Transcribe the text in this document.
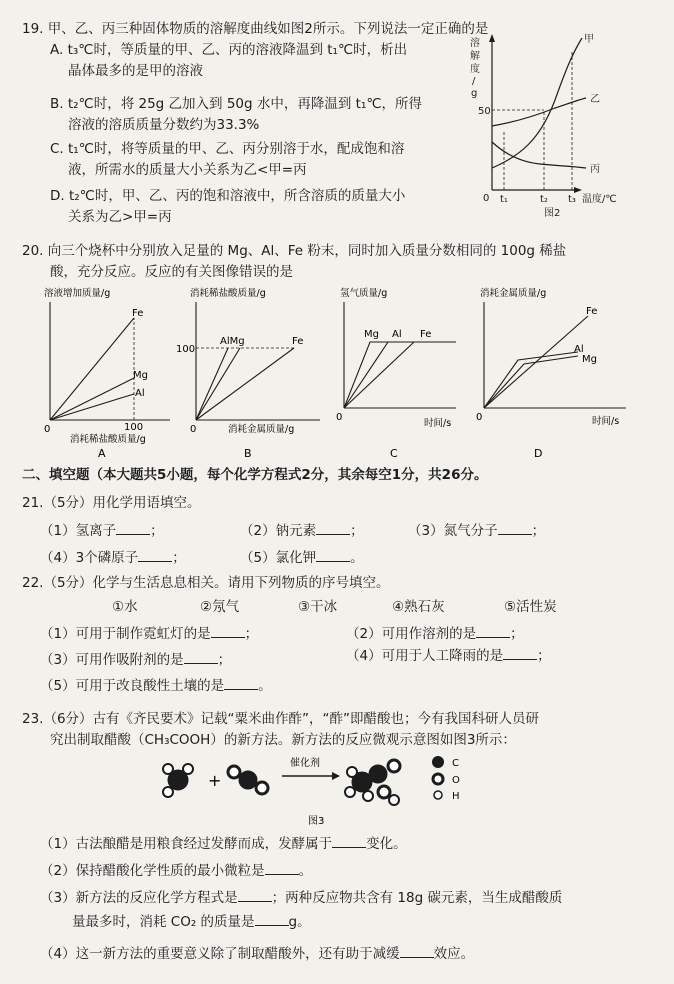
19. 甲、乙、丙三种固体物质的溶解度曲线如图2所示。下列说法一定正确的是
A. t₃℃时，等质量的甲、乙、丙的溶液降温到 t₁℃时，析出
晶体最多的是甲的溶液
B. t₂℃时，将 25g 乙加入到 50g 水中，再降温到 t₁℃，所得
溶液的溶质质量分数约为33.3%
C. t₁℃时，将等质量的甲、乙、丙分别溶于水，配成饱和溶
液，所需水的质量大小关系为乙<甲=丙
D. t₂℃时，甲、乙、丙的饱和溶液中，所含溶质的质量大小
关系为乙>甲=丙
溶
解
度
/
g
50
0 t₁	t₂ t₃ 温度/℃
甲
乙
丙
图2
20. 向三个烧杯中分别放入足量的 Mg、Al、Fe 粉末，同时加入质量分数相同的 100g 稀盐
酸，充分反应。反应的有关图像错误的是
溶液增加质量/g
Fe
Mg
Al
0	100
消耗稀盐酸质量/g
A
消耗稀盐酸质量/g
100
AlMg	Fe
0	消耗金属质量/g
B
氢气质量/g
Mg Al Fe
0
时间/s
C
消耗金属质量/g
Fe
Al
Mg
0	时间/s
D
二、填空题（本大题共5小题，每个化学方程式2分，其余每空1分，共26分。
21.（5分）用化学用语填空。
（1）氢离子	；	（2）钠元素	；	（3）氮气分子	；
（4）3个磷原子	；	（5）氯化钾	。
22.（5分）化学与生活息息相关。请用下列物质的序号填空。
①水	②氖气	③干冰	④熟石灰	⑤活性炭
（1）可用于制作霓虹灯的是	；	（2）可用作溶剂的是	；
（3）可用作吸附剂的是	；	（4）可用于人工降雨的是	；
（5）可用于改良酸性土壤的是	。
23.（6分）古有《齐民要术》记载“粟米曲作酢”，“酢”即醋酸也；今有我国科研人员研
究出制取醋酸（CH₃COOH）的新方法。新方法的反应微观示意图如图3所示：
+
催化剂	C
O
H
图3
（1）古法酿醋是用粮食经过发酵而成，发酵属于	变化。
（2）保持醋酸化学性质的最小微粒是	。
（3）新方法的反应化学方程式是	；两种反应物共含有 18g 碳元素，当生成醋酸质
量最多时，消耗 CO₂ 的质量是	g。
（4）这一新方法的重要意义除了制取醋酸外，还有助于减缓	效应。
